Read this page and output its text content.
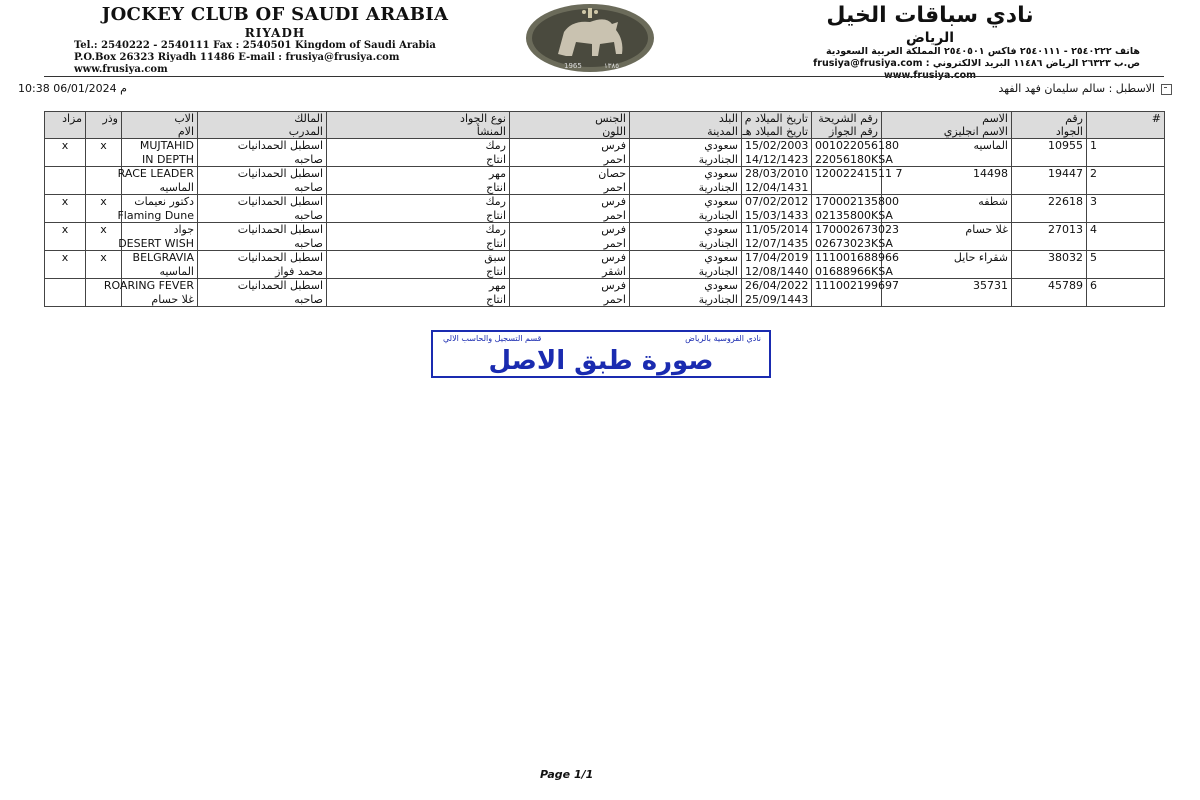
JOCKEY CLUB OF SAUDI ARABIA
RIYADH
Tel.: 2540222 - 2540111 Fax : 2540501 Kingdom of Saudi Arabia
P.O.Box 26323 Riyadh 11486 E-mail : frusiya@frusiya.com
www.frusiya.com	1965	١٣٨٥
نادي سباقات الخيل
الرياض
هاتف ٢٥٤٠٢٢٢ - ٢٥٤٠١١١ فاكس ٢٥٤٠٥٠١ المملكة العربية السعودية
ص.ب ٢٦٣٢٣ الرياض ١١٤٨٦ البريد الالكتروني : frusiya@frusiya.com
10:38 06/01/2024 م	الاسطبل : سالم سليمان فهد الفهد
مزاد	وذر	الاب	المالك	نوع الجواد	الجنس	البلد	تاريخ الميلاد م	رقم الشريحة	الاسم	رقم	#
		الام	المدرب	المنشأ	اللون	المدينة	تاريخ الميلاد هـ	رقم الجواز	الاسم انجليزي	الجواد	
x	x	MUJTAHID	اسطبل الحمدانيات	رمك	فرس	سعودي	15/02/2003	001022056180	الماسيه	10955	1
		IN DEPTH	صاحبه	انتاج	احمر	الجنادرية	14/12/1423	22056180KSA			
		RACE LEADER	اسطبل الحمدانيات	مهر	حصان	سعودي	28/03/2010	12002241511 7	14498	19447	2
		الماسيه	صاحبه	انتاج	احمر	الجنادرية	12/04/1431				
x	x	دكتور نعيمات	اسطبل الحمدانيات	رمك	فرس	سعودي	07/02/2012	170002135800	شطفه	22618	3
		Flaming Dune	صاحبه	انتاج	احمر	الجنادرية	15/03/1433	02135800KSA			
x	x	جواد	اسطبل الحمدانيات	رمك	فرس	سعودي	11/05/2014	170002673023	غلا حسام	27013	4
		DESERT WISH	صاحبه	انتاج	احمر	الجنادرية	12/07/1435	02673023KSA			
x	x	BELGRAVIA	اسطبل الحمدانيات	سبق	فرس	سعودي	17/04/2019	111001688966	شقراء حايل	38032	5
		الماسيه	محمد فواز	انتاج	اشقر	الجنادرية	12/08/1440	01688966KSA			
		ROARING FEVER	اسطبل الحمدانيات	مهر	فرس	سعودي	26/04/2022	111002199697	35731	45789	6
		غلا حسام	صاحبه	انتاج	احمر	الجنادرية	25/09/1443				
نادي الفروسية بالرياض
قسم التسجيل والحاسب الالي
صورة طبق الاصل
Page 1/1
